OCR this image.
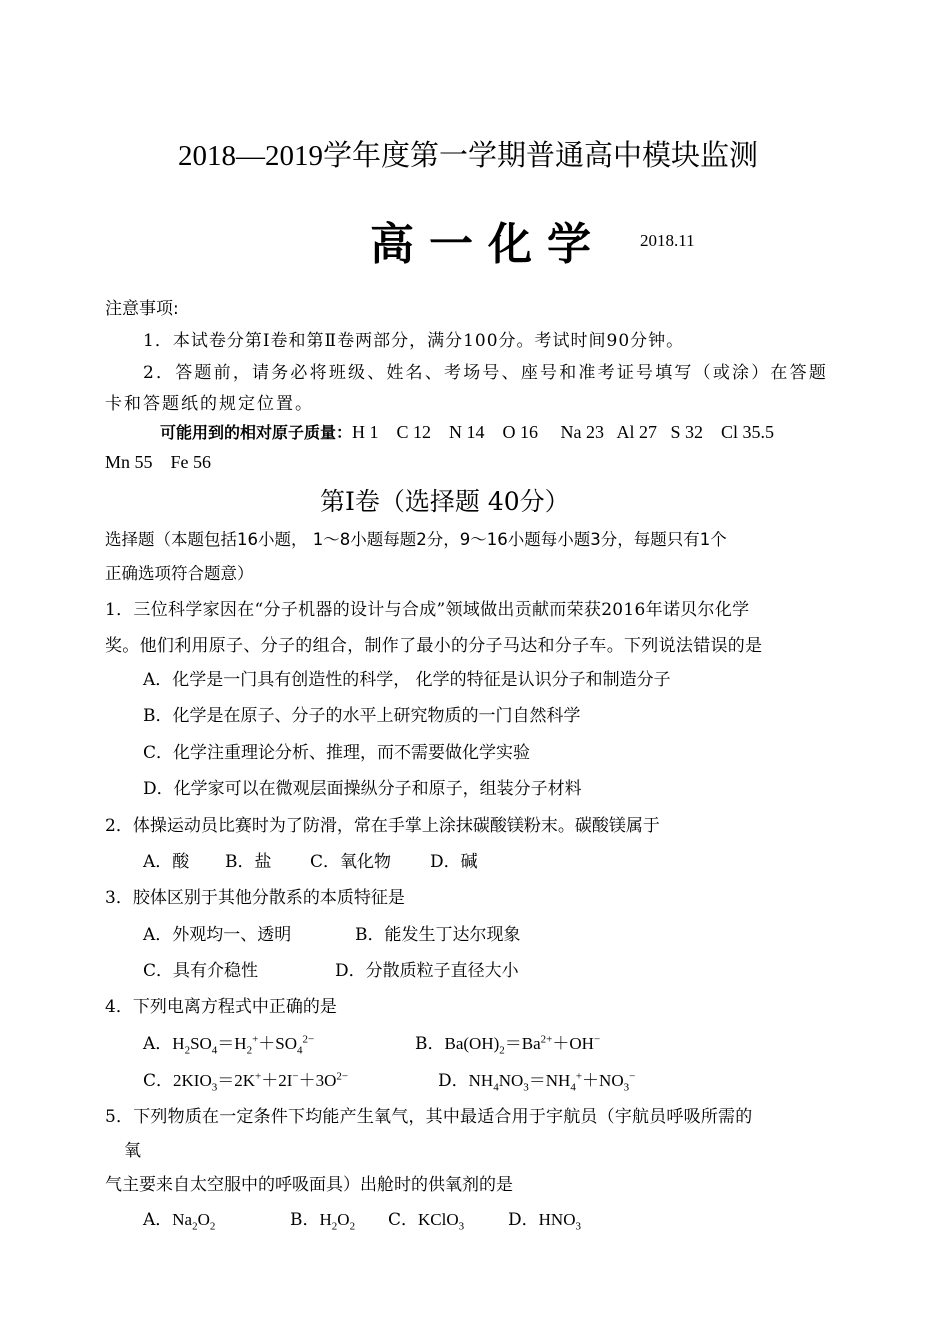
2018—2019学年度第一学期普通高中模块监测
高 一 化 学	2018.11
注意事项:
1．本试卷分第Ⅰ卷和第Ⅱ卷两部分，满分100分。考试时间90分钟。
2．答题前，请务必将班级、姓名、考场号、座号和准考证号填写（或涂）在答题
卡和答题纸的规定位置。
可能用到的相对原子质量：H 1    C 12    N 14    O 16     Na 23   Al 27   S 32    Cl 35.5
Mn 55    Fe 56
第Ⅰ卷（选择题 40分）
选择题（本题包括16小题， 1～8小题每题2分，9～16小题每小题3分，每题只有1个
正确选项符合题意）
1．三位科学家因在“分子机器的设计与合成”领域做出贡献而荣获2016年诺贝尔化学
奖。他们利用原子、分子的组合，制作了最小的分子马达和分子车。下列说法错误的是
A．化学是一门具有创造性的科学， 化学的特征是认识分子和制造分子
B．化学是在原子、分子的水平上研究物质的一门自然科学
C．化学注重理论分析、推理，而不需要做化学实验
D．化学家可以在微观层面操纵分子和原子，组装分子材料
2．体操运动员比赛时为了防滑，常在手掌上涂抹碳酸镁粉末。碳酸镁属于
A．酸 B．盐 C．氧化物 D．碱
3．胶体区别于其他分散系的本质特征是
A．外观均一、透明	B．能发生丁达尔现象
C．具有介稳性	D．分散质粒子直径大小
4．下列电离方程式中正确的是
A．$H_2SO_4=H_2^++SO_4^{2-}$	B．$Ba(OH)_2=Ba^{2+}+OH^-$
C．$2KIO_3=2K^++2I^-+3O^{2-}$	D．$NH_4NO_3=NH_4^++NO_3^-$
5．下列物质在一定条件下均能产生氧气，其中最适合用于宇航员（宇航员呼吸所需的
氧
气主要来自太空服中的呼吸面具）出舱时的供氧剂的是
A．$Na_2O_2$	B．$H_2O_2$ C．KClO$_3$	D．$HNO_3$
